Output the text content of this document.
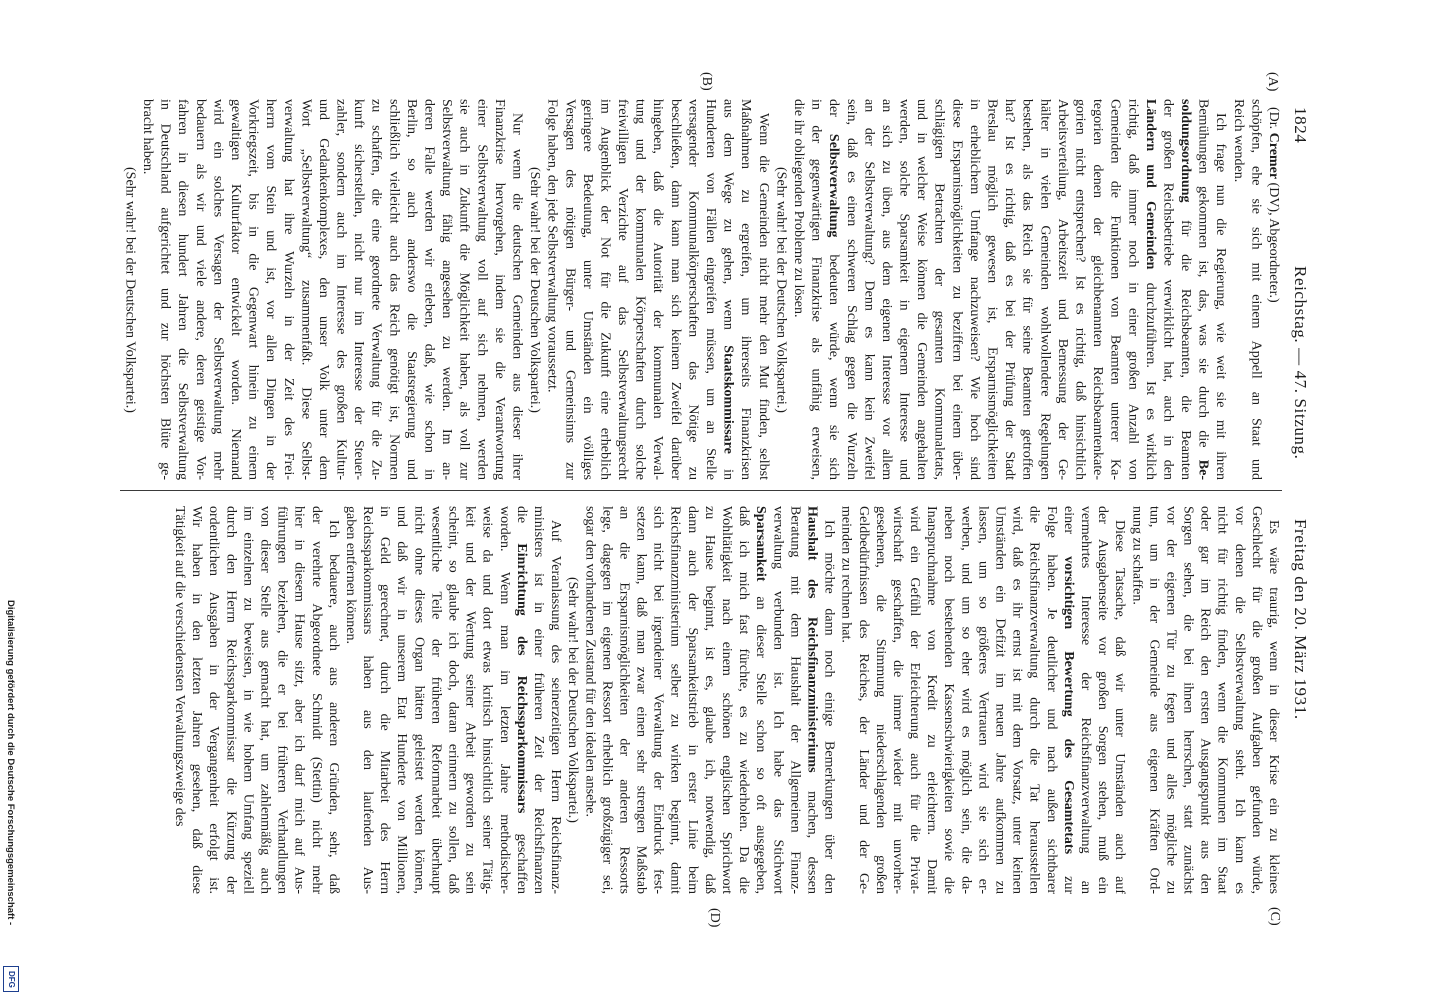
1824
Reichstag. — 47. Sitzung.
Freitag den 20. März 1931.
(A)
(B)
(C)
(D)
(Dr. Cremer (DV), Abgeordneter.)
schöpfen, ehe sie sich mit einem Appell an Staat und
Reich wenden.
Ich frage nun die Regierung, wie weit sie mit ihren
Bemühungen gekommen ist, das, was sie durch die Be-
soldungsordnung für die Reichsbeamten, die Beamten
der großen Reichsbetriebe verwirklicht hat, auch in den
Ländern und Gemeinden durchzuführen. Ist es wirklich
richtig, daß immer noch in einer großen Anzahl von
Gemeinden die Funktionen von Beamten unterer Ka-
tegorien denen der gleichbenannten Reichsbeamtenkate-
gorien nicht entsprechen? Ist es richtig, daß hinsichtlich
Arbeitsverteilung, Arbeitszeit und Bemessung der Ge-
hälter in vielen Gemeinden wohlwollendere Regelungen
bestehen, als das Reich sie für seine Beamten getroffen
hat? Ist es richtig, daß es bei der Prüfung der Stadt
Breslau möglich gewesen ist, Ersparnismöglichkeiten
in erheblichem Umfange nachzuweisen? Wie hoch sind
diese Ersparnismöglichkeiten zu beziffern bei einem über-
schlägigen Betrachten der gesamten Kommunaletats,
und in welcher Weise können die Gemeinden angehalten
werden, solche Sparsamkeit in eigenem Interesse und
an sich zu üben, aus dem eigenen Interesse vor allem
an der Selbstverwaltung? Denn es kann kein Zweifel
sein, daß es einen schweren Schlag gegen die Wurzeln
der Selbstverwaltung bedeuten würde, wenn sie sich
in der gegenwärtigen Finanzkrise als unfähig erweisen,
die ihr obliegenden Probleme zu lösen.
(Sehr wahr! bei der Deutschen Volkspartei.)
Wenn die Gemeinden nicht mehr den Mut finden, selbst
Maßnahmen zu ergreifen, um ihrerseits Finanzkrisen
aus dem Wege zu gehen, wenn Staatskommissare in
Hunderten von Fällen eingreifen müssen, um an Stelle
versagender Kommunalkörperschaften das Nötige zu
beschließen, dann kann man sich keinem Zweifel darüber
hingeben, daß die Autorität der kommunalen Verwal-
tung und der kommunalen Körperschaften durch solche
freiwilligen Verzichte auf das Selbstverwaltungsrecht
im Augenblick der Not für die Zukunft eine erheblich
geringere Bedeutung, unter Umständen ein völliges
Versagen des nötigen Bürger- und Gemeinsinns zur
Folge haben, den jede Selbstverwaltung voraussetzt.
(Sehr wahr! bei der Deutschen Volkspartei.)
Nur wenn die deutschen Gemeinden aus dieser ihrer
Finanzkrise hervorgehen, indem sie die Verantwortung
einer Selbstverwaltung voll auf sich nehmen, werden
sie auch in Zukunft die Möglichkeit haben, als voll zur
Selbstverwaltung fähig angesehen zu werden. Im an-
deren Falle werden wir erleben, daß, wie schon in
Berlin, so auch anderswo die Staatsregierung und
schließlich vielleicht auch das Reich genötigt ist, Normen
zu schaffen, die eine geordnete Verwaltung für die Zu-
kunft sicherstellen, nicht nur im Interesse der Steuer-
zahler, sondern auch im Interesse des großen Kultur-
und Gedankenkomplexes, den unser Volk unter dem
Wort „Selbstverwaltung“ zusammenfaßt. Diese Selbst-
verwaltung hat ihre Wurzeln in der Zeit des Frei-
herrn vom Stein und ist, vor allen Dingen in der
Vorkriegszeit, bis in die Gegenwart hinein zu einem
gewaltigen Kulturfaktor entwickelt worden. Niemand
wird ein solches Versagen der Selbstverwaltung mehr
bedauern als wir und viele andere, deren geistige Vor-
fahren in diesen hundert Jahren die Selbstverwaltung
in Deutschland aufgerichtet und zur höchsten Blüte ge-
bracht haben.
(Sehr wahr! bei der Deutschen Volkspartei.)
Es wäre traurig, wenn in dieser Krise ein zu kleines
Geschlecht für die großen Aufgaben gefunden würde,
vor denen die Selbstverwaltung steht. Ich kann es
nicht für richtig finden, wenn die Kommunen im Staat
oder gar im Reich den ersten Ausgangspunkt aus den
Sorgen sehen, die bei ihnen herrschen, statt zunächst
vor der eigenen Tür zu fegen und alles mögliche zu
tun, um in der Gemeinde aus eigenen Kräften Ord-
nung zu schaffen.
Diese Tatsache, daß wir unter Umständen auch auf
der Ausgabenseite vor großen Sorgen stehen, muß ein
vermehrtes Interesse der Reichsfinanzverwaltung an
einer vorsichtigen Bewertung des Gesamtetats zur
Folge haben. Je deutlicher und nach außen sichtbarer
die Reichsfinanzverwaltung durch die Tat herausstellen
wird, daß es ihr ernst ist mit dem Vorsatz, unter keinen
Umständen ein Defizit im neuen Jahre aufkommen zu
lassen, um so größeres Vertrauen wird sie sich er-
werben, und um so eher wird es möglich sein, die da-
neben noch bestehenden Kassenschwierigkeiten sowie die
Inanspruchnahme von Kredit zu erleichtern. Damit
wird ein Gefühl der Erleichterung auch für die Privat-
wirtschaft geschaffen, die immer wieder mit unvorher-
gesehenen, die Stimmung niederschlagenden großen
Geldbedürfnissen des Reiches, der Länder und der Ge-
meinden zu rechnen hat.
Ich möchte dann noch einige Bemerkungen über den
Haushalt des Reichsfinanzministeriums machen, dessen
Beratung mit dem Haushalt der Allgemeinen Finanz-
verwaltung verbunden ist. Ich habe das Stichwort
Sparsamkeit an dieser Stelle schon so oft ausgegeben,
daß ich mich fast fürchte, es zu wiederholen. Da die
Wohltätigkeit nach einem schönen englischen Sprichwort
zu Hause beginnt, ist es, glaube ich, notwendig, daß
dann auch der Sparsamkeitstrieb in erster Linie beim
Reichsfinanzministerium selber zu wirken beginnt, damit
sich nicht bei irgendeiner Verwaltung der Eindruck fest-
setzen kann, daß man zwar einen sehr strengen Maßstab
an die Ersparnismöglichkeiten der anderen Ressorts
lege, dagegen im eigenen Ressort erheblich großzügiger sei,
sogar den vorhandenen Zustand für den idealen ansehe.
(Sehr wahr! bei der Deutschen Volkspartei.)
Auf Veranlassung des seinerzeitigen Herrn Reichsfinanz-
ministers ist in einer früheren Zeit der Reichsfinanzen
die Einrichtung des Reichssparkommissars geschaffen
worden. Wenn man im letzten Jahre methodischer-
weise da und dort etwas kritisch hinsichtlich seiner Tätig-
keit und der Wertung seiner Arbeit geworden zu sein
scheint, so glaube ich doch, daran erinnern zu sollen, daß
wesentliche Teile der früheren Reformarbeit überhaupt
nicht ohne dieses Organ hätten geleistet werden können,
und daß wir in unserem Etat Hunderte von Millionen,
in Geld gerechnet, durch die Mitarbeit des Herrn
Reichssparkommissars haben aus den laufenden Aus-
gaben entfernen können.
Ich bedauere, auch aus anderen Gründen, sehr, daß
der verehrte Abgeordnete Schmidt (Stettin) nicht mehr
hier in diesem Hause sitzt, aber ich darf mich auf Aus-
führungen beziehen, die er bei früheren Verhandlungen
von dieser Stelle aus gemacht hat, um zahlenmäßig auch
im einzelnen zu beweisen, in wie hohem Umfang speziell
durch den Herrn Reichssparkommissar die Kürzung der
ordentlichen Ausgaben in der Vergangenheit erfolgt ist.
Wir haben in den letzten Jahren gesehen, daß diese
Tätigkeit auf die verschiedensten Verwaltungszweige des
Digitalisierung gefördert durch die Deutsche Forschungsgemeinschaft -
DFG
